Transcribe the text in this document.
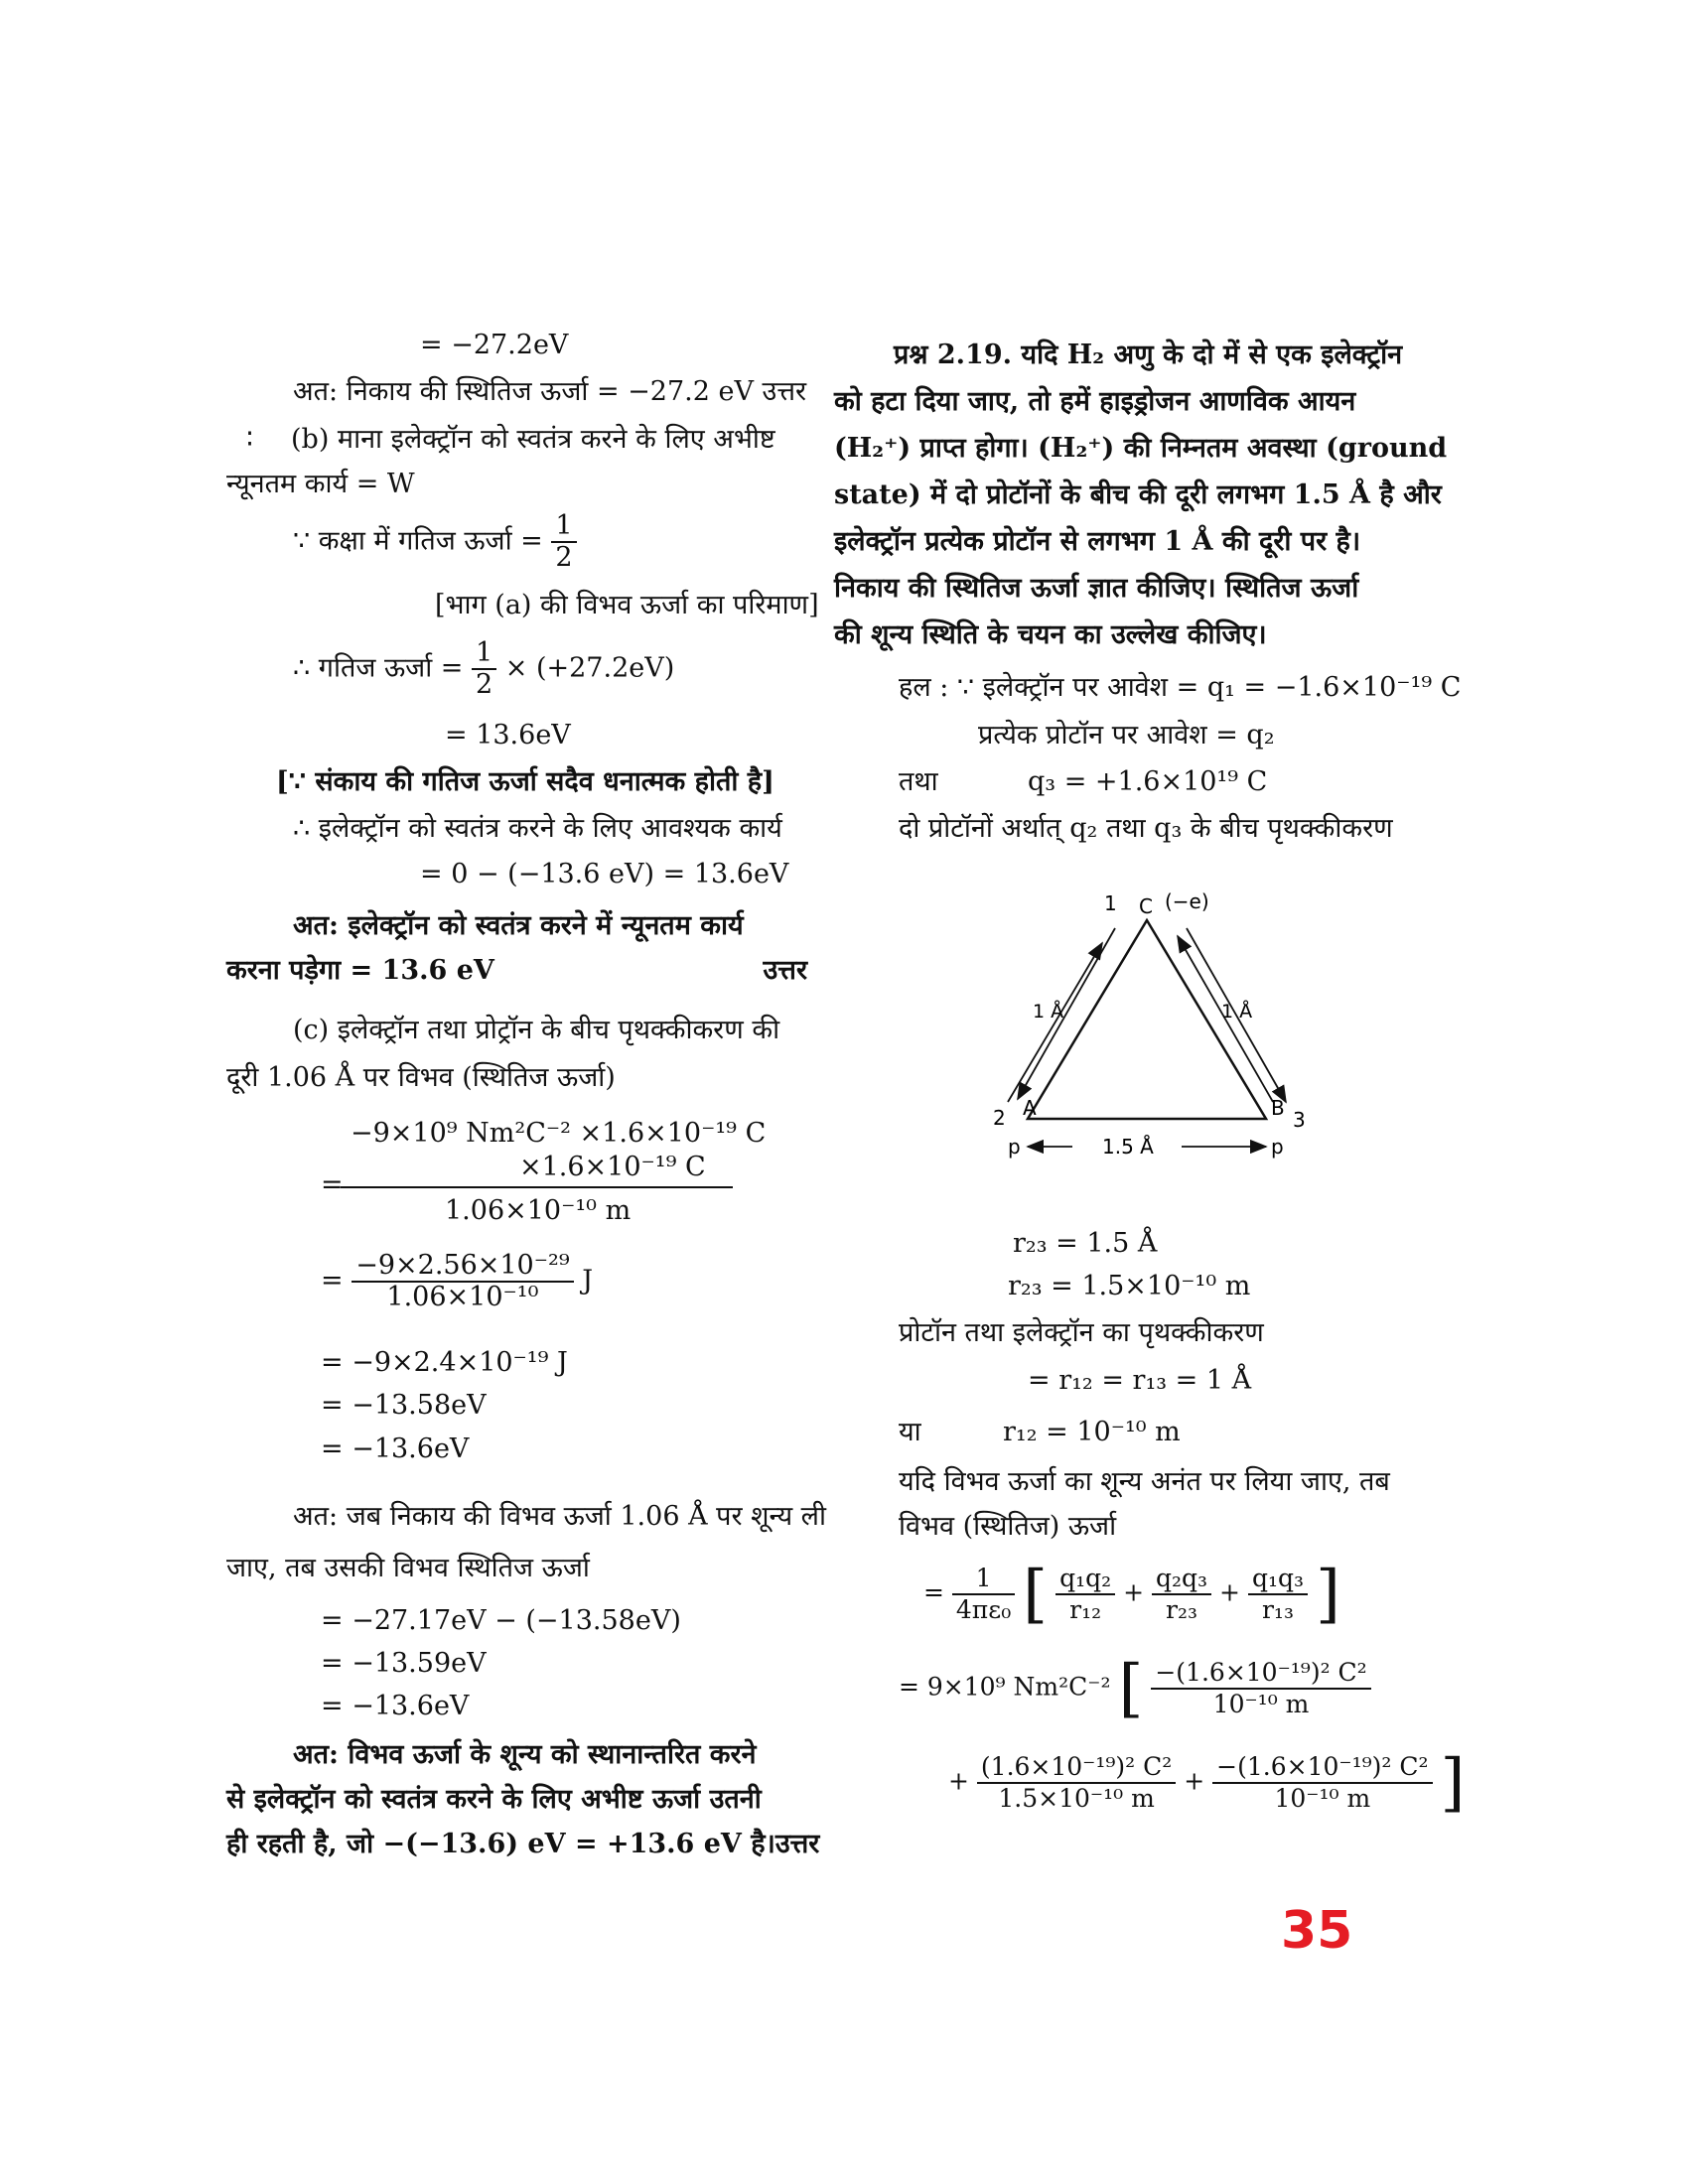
= −27.2eV
अत: निकाय की स्थितिज ऊर्जा = −27.2 eV उत्तर
∶ (b) माना इलेक्ट्रॉन को स्वतंत्र करने के लिए अभीष्ट
न्यूनतम कार्य = W
∵ कक्षा में गतिज ऊर्जा = $\frac{1}{2}$
[भाग (a) की विभव ऊर्जा का परिमाण]
∴ गतिज ऊर्जा = $\frac{1}{2} \times (+27.2eV)$
= 13.6eV
[∵ संकाय की गतिज ऊर्जा सदैव धनात्मक होती है]
∴ इलेक्ट्रॉन को स्वतंत्र करने के लिए आवश्यक कार्य
= 0 − (−13.6 eV) = 13.6eV
अत: इलेक्ट्रॉन को स्वतंत्र करने में न्यूनतम कार्य
करना पड़ेगा = 13.6 eV	उत्तर
(c) इलेक्ट्रॉन तथा प्रोट्रॉन के बीच पृथक्कीकरण की
दूरी 1.06 Å पर विभव (स्थितिज ऊर्जा)
−9×10⁹ Nm²C⁻² ×1.6×10⁻¹⁹ C
×1.6×10⁻¹⁹ C
=
1.06×10⁻¹⁰ m
= $\frac{\text{−9×2.56×10⁻²⁹}}{\text{1.06×10⁻¹⁰}}$ J
= −9×2.4×10⁻¹⁹ J
= −13.58eV
= −13.6eV
अत: जब निकाय की विभव ऊर्जा 1.06 Å पर शून्य ली
जाए, तब उसकी विभव स्थितिज ऊर्जा
= −27.17eV − (−13.58eV)
= −13.59eV
= −13.6eV
अत: विभव ऊर्जा के शून्य को स्थानान्तरित करने
से इलेक्ट्रॉन को स्वतंत्र करने के लिए अभीष्ट ऊर्जा उतनी
ही रहती है, जो −(−13.6) eV = +13.6 eV है। उत्तर
प्रश्न 2.19. यदि H₂ अणु के दो में से एक इलेक्ट्रॉन
को हटा दिया जाए, तो हमें हाइड्रोजन आणविक आयन
(H₂⁺) प्राप्त होगा। (H₂⁺) की निम्नतम अवस्था (ground
state) में दो प्रोटॉनों के बीच की दूरी लगभग 1.5 Å है और
इलेक्ट्रॉन प्रत्येक प्रोटॉन से लगभग 1 Å की दूरी पर है।
निकाय की स्थितिज ऊर्जा ज्ञात कीजिए। स्थितिज ऊर्जा
की शून्य स्थिति के चयन का उल्लेख कीजिए।
हल : ∵ इलेक्ट्रॉन पर आवेश = q₁ = −1.6×10⁻¹⁹ C
प्रत्येक प्रोटॉन पर आवेश = q₂
तथा	q₃ = +1.6×10¹⁹ C
दो प्रोटॉनों अर्थात् q₂ तथा q₃ के बीच पृथक्कीकरण
1 C (−e)
1 Å	1 Å
2 A	B 3
p	1.5 Å	p
r₂₃ = 1.5 Å
r₂₃ = 1.5×10⁻¹⁰ m
प्रोटॉन तथा इलेक्ट्रॉन का पृथक्कीकरण
= r₁₂ = r₁₃ = 1 Å
या	r₁₂ = 10⁻¹⁰ m
यदि विभव ऊर्जा का शून्य अनंत पर लिया जाए, तब
विभव (स्थितिज) ऊर्जा
= $\frac{1}{\text{4πε₀}}$ [ $\frac{\text{q₁q₂}}{\text{r₁₂}} + \frac{\text{q₂q₃}}{\text{r₂₃}} + \frac{\text{q₁q₃}}{\text{r₁₃}}$ ]
= 9×10⁹ Nm²C⁻² [ $\frac{\text{−(1.6×10⁻¹⁹)² C²}}{\text{10⁻¹⁰ m}}$
+ $\frac{\text{(1.6×10⁻¹⁹)² C²}}{\text{1.5×10⁻¹⁰ m}} + \frac{\text{−(1.6×10⁻¹⁹)² C²}}{\text{10⁻¹⁰ m}}$ ]
35
